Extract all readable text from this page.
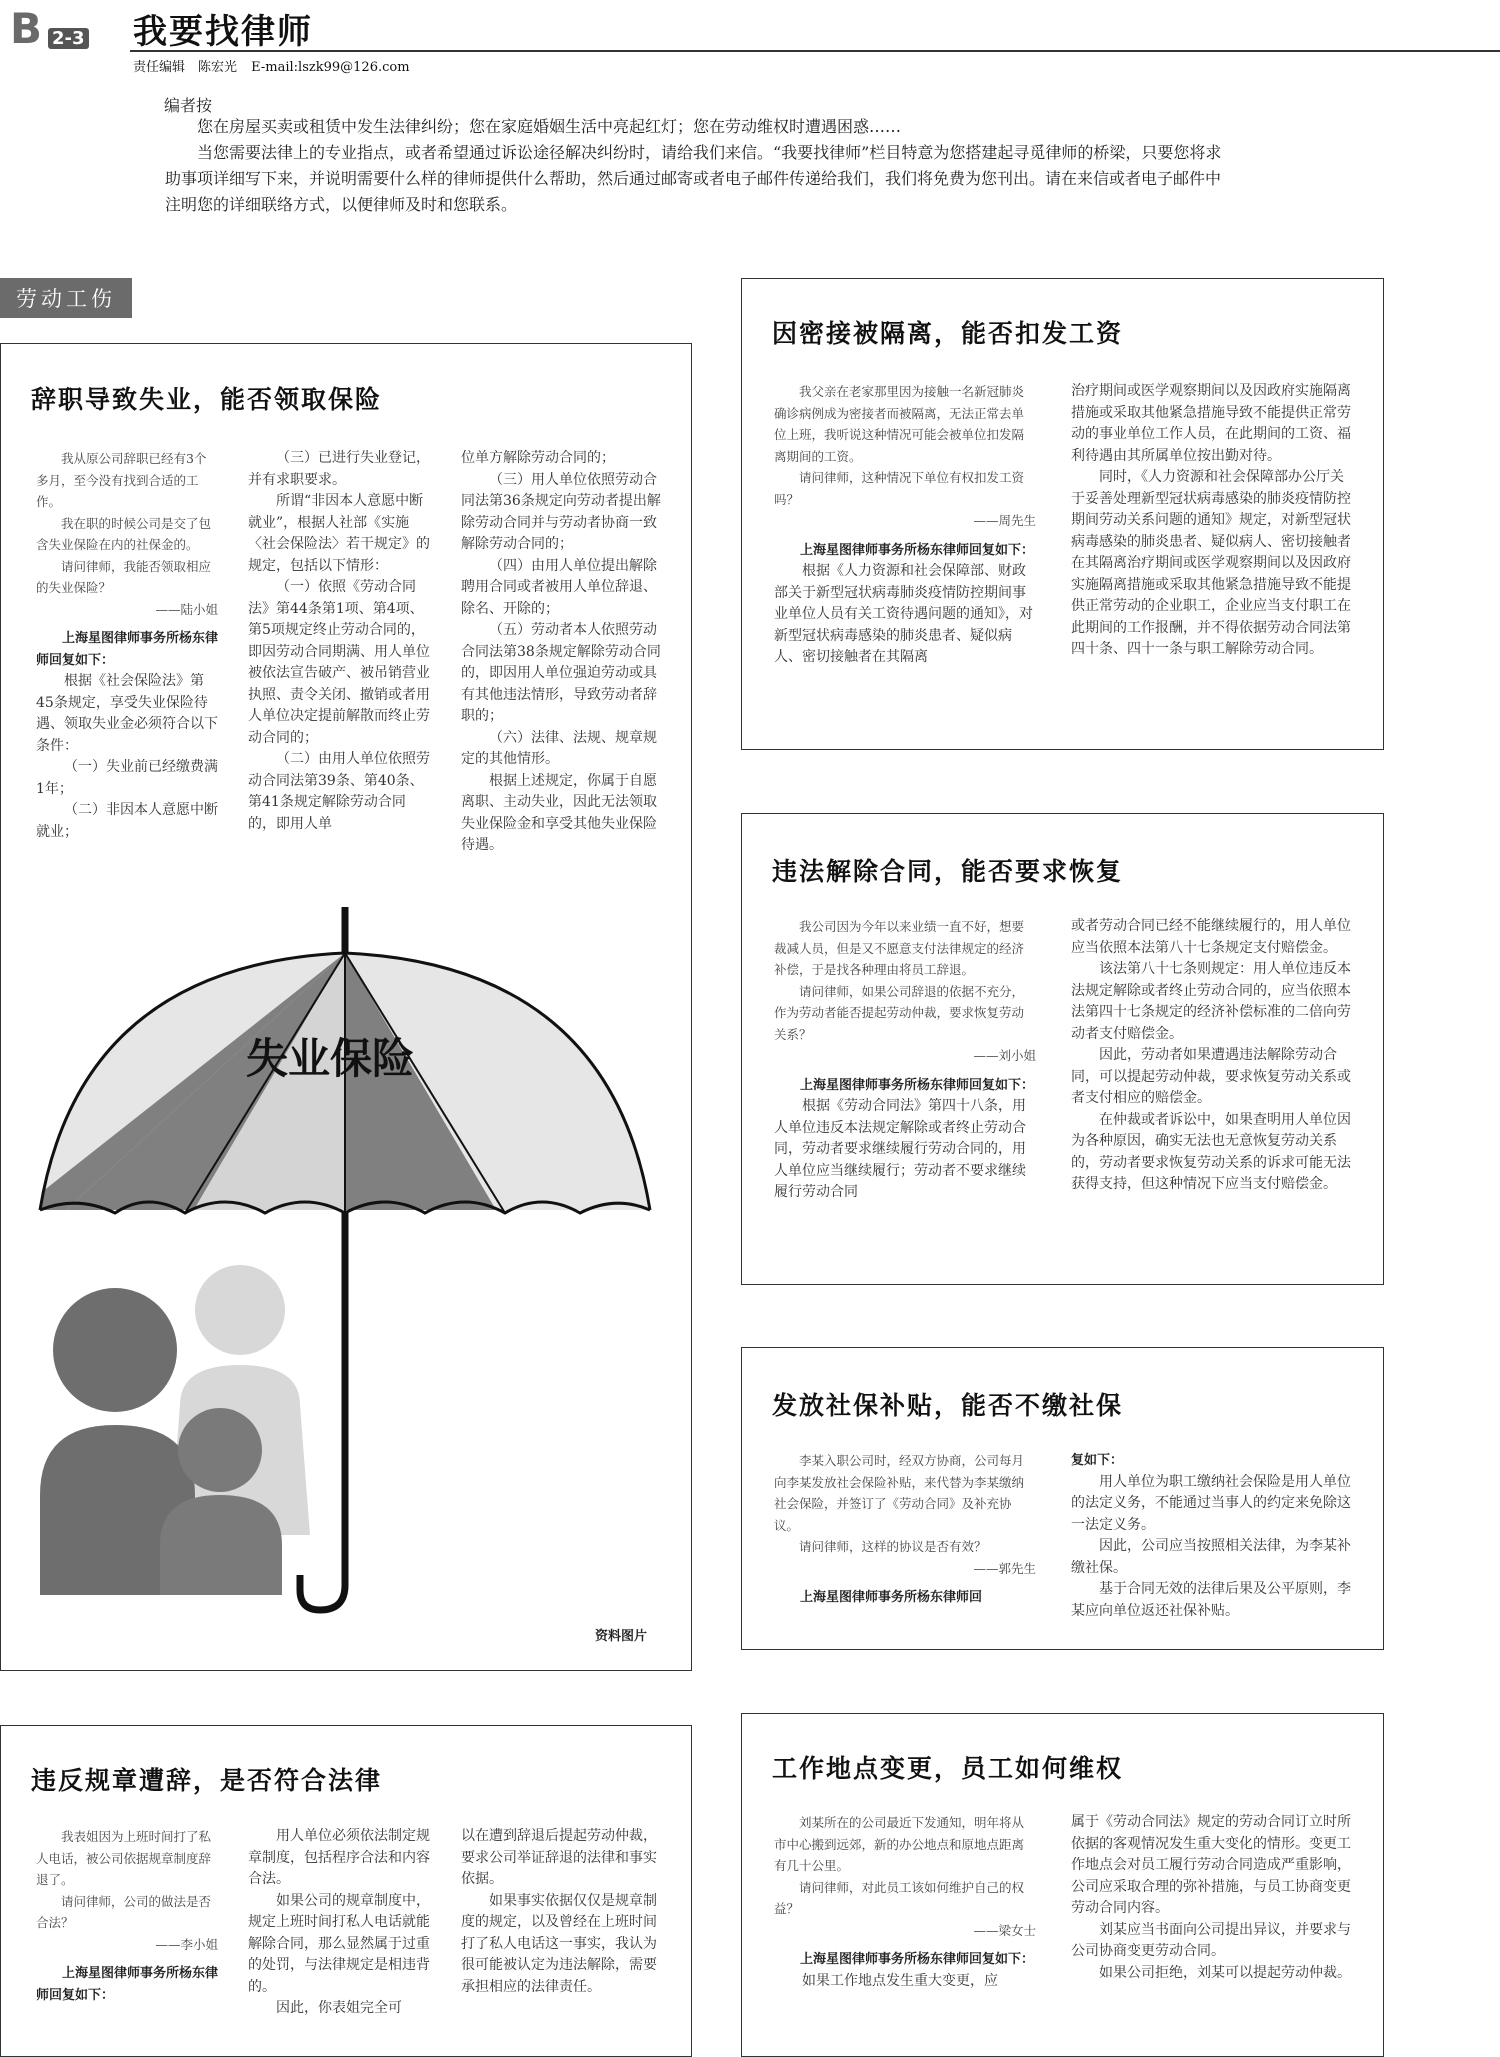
B 2-3 我要找律师
责任编辑　陈宏光 E-mail:lszk99@126.com
编者按

您在房屋买卖或租赁中发生法律纠纷；您在家庭婚姻生活中亮起红灯；您在劳动维权时遭遇困惑……

当您需要法律上的专业指点，或者希望通过诉讼途径解决纠纷时，请给我们来信。“我要找律师”栏目特意为您搭建起寻觅律师的桥梁，只要您将求助事项详细写下来，并说明需要什么样的律师提供什么帮助，然后通过邮寄或者电子邮件传递给我们，我们将免费为您刊出。请在来信或者电子邮件中注明您的详细联络方式，以便律师及时和您联系。

劳动工伤
辞职导致失业，能否领取保险

我从原公司辞职已经有3个多月，至今没有找到合适的工作。

我在职的时候公司是交了包含失业保险在内的社保金的。

请问律师，我能否领取相应的失业保险？

——陆小姐

上海星图律师事务所杨东律师回复如下：

根据《社会保险法》第45条规定，享受失业保险待遇、领取失业金必须符合以下条件：

（一）失业前已经缴费满1年；

（二）非因本人意愿中断就业；

（三）已进行失业登记，并有求职要求。

所谓“非因本人意愿中断就业”，根据人社部《实施〈社会保险法〉若干规定》的规定，包括以下情形：

（一）依照《劳动合同法》第44条第1项、第4项、第5项规定终止劳动合同的，即因劳动合同期满、用人单位被依法宣告破产、被吊销营业执照、责令关闭、撤销或者用人单位决定提前解散而终止劳动合同的；

（二）由用人单位依照劳动合同法第39条、第40条、第41条规定解除劳动合同的，即用人单

位单方解除劳动合同的；

（三）用人单位依照劳动合同法第36条规定向劳动者提出解除劳动合同并与劳动者协商一致解除劳动合同的；

（四）由用人单位提出解除聘用合同或者被用人单位辞退、除名、开除的；

（五）劳动者本人依照劳动合同法第38条规定解除劳动合同的，即因用人单位强迫劳动或具有其他违法情形，导致劳动者辞职的；

（六）法律、法规、规章规定的其他情形。

根据上述规定，你属于自愿离职、主动失业，因此无法领取失业保险金和享受其他失业保险待遇。

失业保险
资料图片
违反规章遭辞，是否符合法律

我表姐因为上班时间打了私人电话，被公司依据规章制度辞退了。

请问律师，公司的做法是否合法？

——李小姐

上海星图律师事务所杨东律师回复如下：

用人单位必须依法制定规章制度，包括程序合法和内容合法。

如果公司的规章制度中，规定上班时间打私人电话就能解除合同，那么显然属于过重的处罚，与法律规定是相违背的。

因此，你表姐完全可

以在遭到辞退后提起劳动仲裁，要求公司举证辞退的法律和事实依据。

如果事实依据仅仅是规章制度的规定，以及曾经在上班时间打了私人电话这一事实，我认为很可能被认定为违法解除，需要承担相应的法律责任。

因密接被隔离，能否扣发工资

我父亲在老家那里因为接触一名新冠肺炎确诊病例成为密接者而被隔离，无法正常去单位上班，我听说这种情况可能会被单位扣发隔离期间的工资。

请问律师，这种情况下单位有权扣发工资吗？

——周先生

上海星图律师事务所杨东律师回复如下：

根据《人力资源和社会保障部、财政部关于新型冠状病毒肺炎疫情防控期间事业单位人员有关工资待遇问题的通知》，对新型冠状病毒感染的肺炎患者、疑似病人、密切接触者在其隔离

治疗期间或医学观察期间以及因政府实施隔离措施或采取其他紧急措施导致不能提供正常劳动的事业单位工作人员，在此期间的工资、福利待遇由其所属单位按出勤对待。

同时，《人力资源和社会保障部办公厅关于妥善处理新型冠状病毒感染的肺炎疫情防控期间劳动关系问题的通知》规定，对新型冠状病毒感染的肺炎患者、疑似病人、密切接触者在其隔离治疗期间或医学观察期间以及因政府实施隔离措施或采取其他紧急措施导致不能提供正常劳动的企业职工，企业应当支付职工在此期间的工作报酬，并不得依据劳动合同法第四十条、四十一条与职工解除劳动合同。

违法解除合同，能否要求恢复

我公司因为今年以来业绩一直不好，想要裁减人员，但是又不愿意支付法律规定的经济补偿，于是找各种理由将员工辞退。

请问律师，如果公司辞退的依据不充分，作为劳动者能否提起劳动仲裁，要求恢复劳动关系？

——刘小姐

上海星图律师事务所杨东律师回复如下：

根据《劳动合同法》第四十八条，用人单位违反本法规定解除或者终止劳动合同，劳动者要求继续履行劳动合同的，用人单位应当继续履行；劳动者不要求继续履行劳动合同

或者劳动合同已经不能继续履行的，用人单位应当依照本法第八十七条规定支付赔偿金。

该法第八十七条则规定：用人单位违反本法规定解除或者终止劳动合同的，应当依照本法第四十七条规定的经济补偿标准的二倍向劳动者支付赔偿金。

因此，劳动者如果遭遇违法解除劳动合同，可以提起劳动仲裁，要求恢复劳动关系或者支付相应的赔偿金。

在仲裁或者诉讼中，如果查明用人单位因为各种原因，确实无法也无意恢复劳动关系的，劳动者要求恢复劳动关系的诉求可能无法获得支持，但这种情况下应当支付赔偿金。

发放社保补贴，能否不缴社保

李某入职公司时，经双方协商，公司每月向李某发放社会保险补贴，来代替为李某缴纳社会保险，并签订了《劳动合同》及补充协议。

请问律师，这样的协议是否有效？

——郭先生

上海星图律师事务所杨东律师回

复如下：

用人单位为职工缴纳社会保险是用人单位的法定义务，不能通过当事人的约定来免除这一法定义务。

因此，公司应当按照相关法律，为李某补缴社保。

基于合同无效的法律后果及公平原则，李某应向单位返还社保补贴。

工作地点变更，员工如何维权

刘某所在的公司最近下发通知，明年将从市中心搬到远郊，新的办公地点和原地点距离有几十公里。

请问律师，对此员工该如何维护自己的权益？

——梁女士

上海星图律师事务所杨东律师回复如下：

如果工作地点发生重大变更，应

属于《劳动合同法》规定的劳动合同订立时所依据的客观情况发生重大变化的情形。变更工作地点会对员工履行劳动合同造成严重影响，公司应采取合理的弥补措施，与员工协商变更劳动合同内容。

刘某应当书面向公司提出异议，并要求与公司协商变更劳动合同。

如果公司拒绝，刘某可以提起劳动仲裁。
